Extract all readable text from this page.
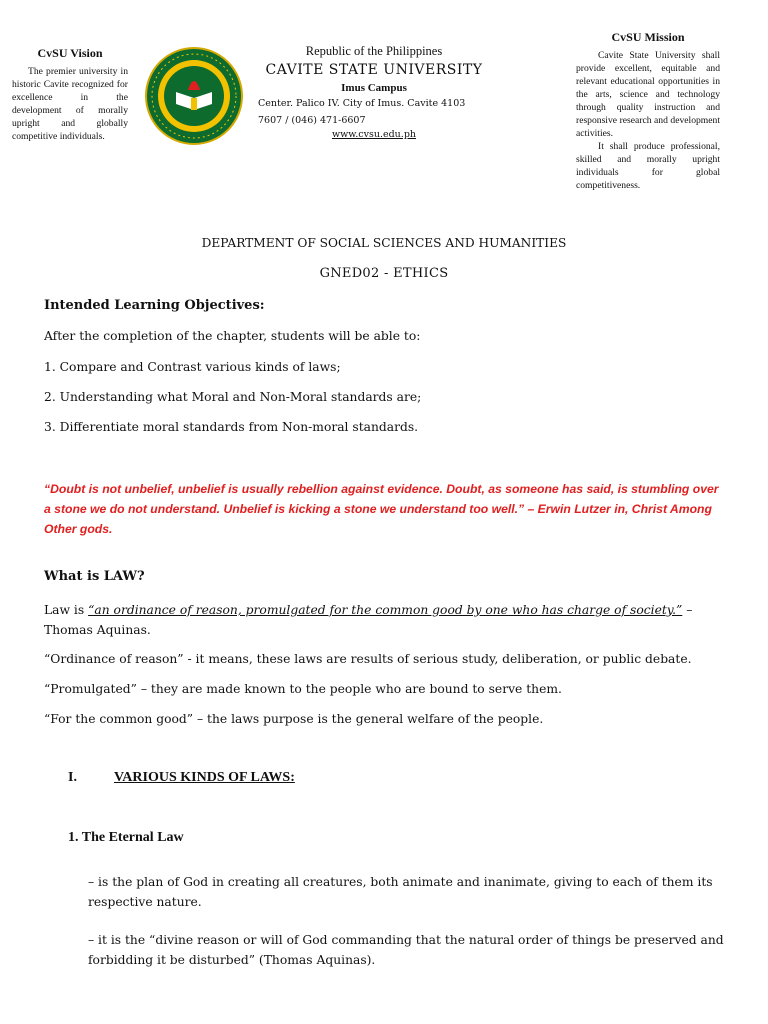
CvSU Vision
The premier university in historic Cavite recognized for excellence in the development of morally upright and globally competitive individuals.
Republic of the Philippines
CAVITE STATE UNIVERSITY
Imus Campus
Center. Palico IV. City of Imus. Cavite 4103
7607 / (046) 471-6607
www.cvsu.edu.ph
CvSU Mission

Cavite State University shall provide excellent, equitable and relevant educational opportunities in the arts, science and technology through quality instruction and responsive research and development activities.

It shall produce professional, skilled and morally upright individuals for global competitiveness.

DEPARTMENT OF SOCIAL SCIENCES AND HUMANITIES
GNED02 - ETHICS
Intended Learning Objectives:
After the completion of the chapter, students will be able to:
1. Compare and Contrast various kinds of laws;
2. Understanding what Moral and Non-Moral standards are;
3. Differentiate moral standards from Non-moral standards.
“Doubt is not unbelief, unbelief is usually rebellion against evidence. Doubt, as someone has said, is stumbling over a stone we do not understand. Unbelief is kicking a stone we understand too well.” – Erwin Lutzer in, Christ Among Other gods.
What is LAW?
Law is “an ordinance of reason, promulgated for the common good by one who has charge of society.” – Thomas Aquinas.
“Ordinance of reason” - it means, these laws are results of serious study, deliberation, or public debate.
“Promulgated” – they are made known to the people who are bound to serve them.
“For the common good” – the laws purpose is the general welfare of the people.
I.	VARIOUS KINDS OF LAWS:
1. The Eternal Law
– is the plan of God in creating all creatures, both animate and inanimate, giving to each of them its respective nature.
– it is the “divine reason or will of God commanding that the natural order of things be preserved and forbidding it be disturbed” (Thomas Aquinas).
